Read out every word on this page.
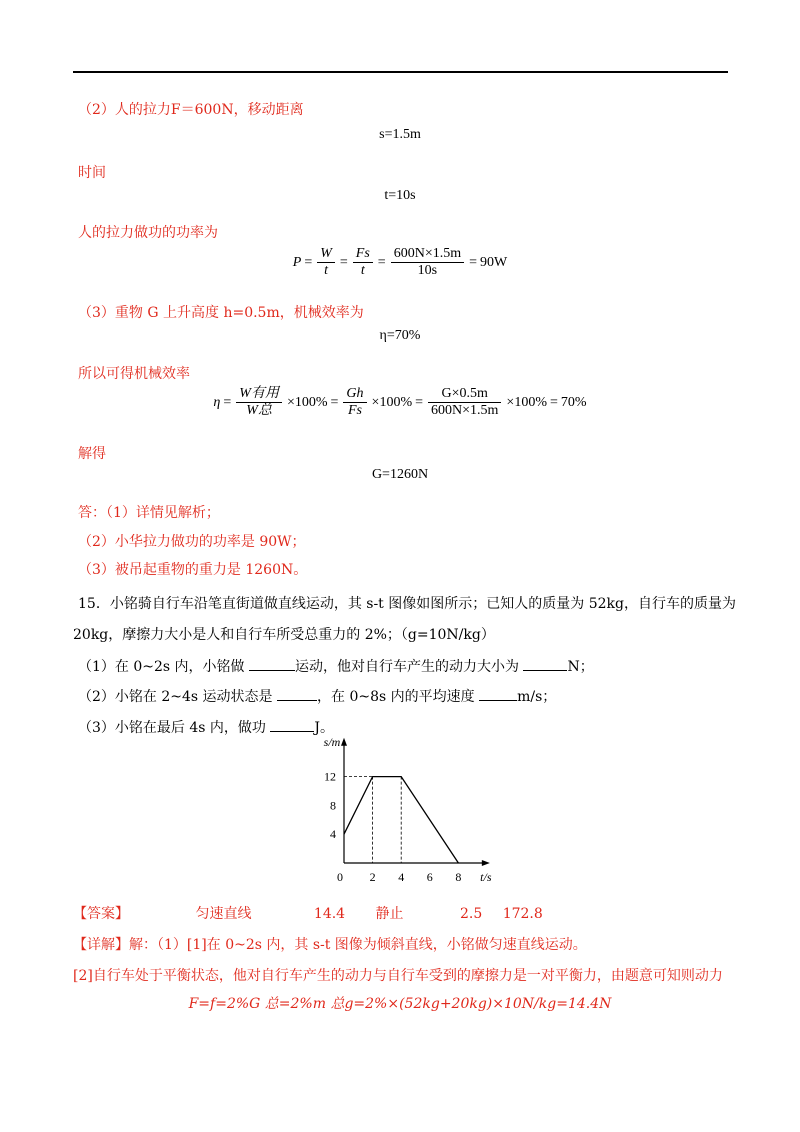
（2）人的拉力F＝600N，移动距离
s=1.5m
时间
t=10s
人的拉力做功的功率为
$P = \frac{W}{t} = \frac{Fs}{t} = \frac{600N\times 1.5m}{10s} = 90W$
（3）重物 G 上升高度 h=0.5m，机械效率为
η=70%
所以可得机械效率
$\eta = \frac{\text{W有用}}{\text{W总}} \times 100\% = \frac{Gh}{Fs} \times 100\% = \frac{G\times 0.5m}{600N\times 1.5m} \times 100\% = 70\%$
解得
G=1260N
答：（1）详情见解析；
（2）小华拉力做功的功率是 90W；
（3）被吊起重物的重力是 1260N。
15．小铭骑自行车沿笔直街道做直线运动，其 s-t 图像如图所示；已知人的质量为 52kg，自行车的质量为
20kg，摩擦力大小是人和自行车所受总重力的 2%；（g=10N/kg）
（1）在 0~2s 内，小铭做	运动，他对自行车产生的动力大小为	N；
（2）小铭在 2~4s 运动状态是	，在 0~8s 内的平均速度	m/s；
（3）小铭在最后 4s 内，做功	J。
0 2 4 6 8
4
8
12
t/s
s/m
【答案】	匀速直线	14.4 静止	2.5 172.8
【详解】解：（1）[1]在 0~2s 内，其 s-t 图像为倾斜直线，小铭做匀速直线运动。
[2]自行车处于平衡状态，他对自行车产生的动力与自行车受到的摩擦力是一对平衡力，由题意可知则动力
F=f=2%G 总=2%m 总g=2%×(52kg+20kg)×10N/kg=14.4N
